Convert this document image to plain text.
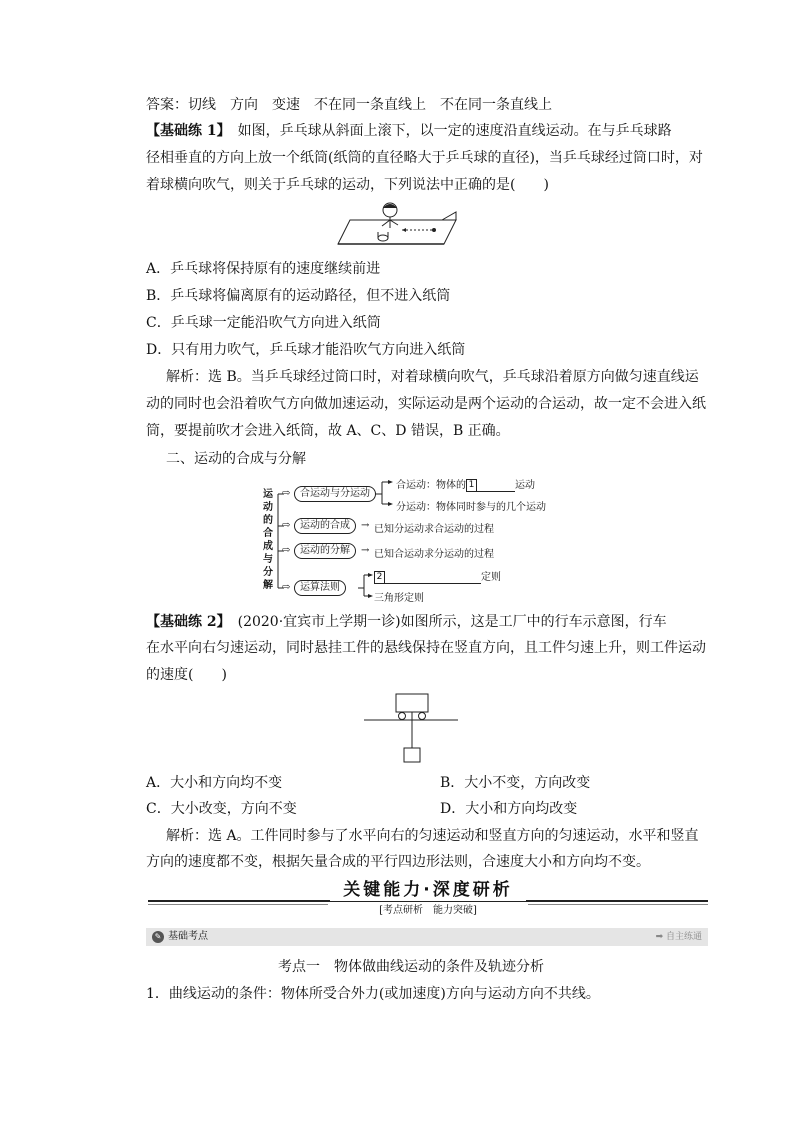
答案：切线　方向　变速　不在同一条直线上　不在同一条直线上
【基础练 1】　如图，乒乓球从斜面上滚下，以一定的速度沿直线运动。在与乒乓球路
径相垂直的方向上放一个纸筒(纸筒的直径略大于乒乓球的直径)，当乒乓球经过筒口时，对
着球横向吹气，则关于乒乓球的运动，下列说法中正确的是(　　)
A．乒乓球将保持原有的速度继续前进
B．乒乓球将偏离原有的运动路径，但不进入纸筒
C．乒乓球一定能沿吹气方向进入纸筒
D．只有用力吹气，乒乓球才能沿吹气方向进入纸筒
解析：选 B。当乒乓球经过筒口时，对着球横向吹气，乒乓球沿着原方向做匀速直线运
动的同时也会沿着吹气方向做加速运动，实际运动是两个运动的合运动，故一定不会进入纸
筒，要提前吹才会进入纸筒，故 A、C、D 错误，B 正确。
二、运动的合成与分解
运
动
的
合
成
与
分
解
⇨ 合运动与分运动
合运动：物体的 1	运动
分运动：物体同时参与的几个运动
⇨ 运动的合成	→ 已知分运动求合运动的过程
⇨ 运动的分解	→ 已知合运动求分运动的过程
⇨ 运算法则
2	定则
三角形定则
【基础练 2】　(2020·宜宾市上学期一诊)如图所示，这是工厂中的行车示意图，行车
在水平向右匀速运动，同时悬挂工件的悬线保持在竖直方向，且工件匀速上升，则工件运动
的速度(　　)
A．大小和方向均不变	B．大小不变，方向改变
C．大小改变，方向不变	D．大小和方向均改变
解析：选 A。工件同时参与了水平向右的匀速运动和竖直方向的匀速运动，水平和竖直
方向的速度都不变，根据矢量合成的平行四边形法则，合速度大小和方向均不变。
关键能力·深度研析
[考点研析　能力突破]
✎ 基础考点	➡ 自主练通
考点一　物体做曲线运动的条件及轨迹分析
1．曲线运动的条件：物体所受合外力(或加速度)方向与运动方向不共线。
